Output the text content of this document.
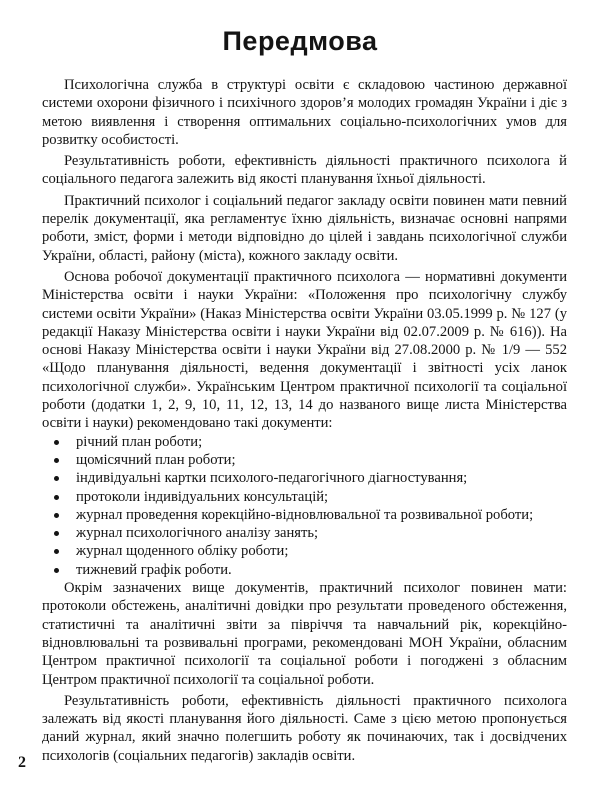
Передмова

Психологічна служба в структурі освіти є складовою частиною державної системи охорони фізичного і психічного здоров’я молодих громадян України і діє з метою виявлення і створення оптимальних соціально-психологічних умов для розвитку особистості.

Результативність роботи, ефективність діяльності практичного психолога й соціального педагога залежить від якості планування їхньої діяльності.

Практичний психолог і соціальний педагог закладу освіти повинен мати певний перелік документації, яка регламентує їхню діяльність, визначає основні напрями роботи, зміст, форми і методи відповідно до цілей і завдань психологічної служби України, області, району (міста), кожного закладу освіти.

Основа робочої документації практичного психолога — нормативні документи Міністерства освіти і науки України: «Положення про психологічну службу системи освіти України» (Наказ Міністерства освіти України 03.05.1999 р. № 127 (у редакції Наказу Міністерства освіти і науки України від 02.07.2009 р. № 616)). На основі Наказу Міністерства освіти і науки України від 27.08.2000 р. № 1/9 — 552 «Щодо планування діяльності, ведення документації і звітності усіх ланок психологічної служби». Українським Центром практичної психології та соціальної роботи (додатки 1, 2, 9, 10, 11, 12, 13, 14 до названого вище листа Міністерства освіти і науки) рекомендовано такі документи:

річний план роботи;
щомісячний план роботи;
індивідуальні картки психолого-педагогічного діагностування;
протоколи індивідуальних консультацій;
журнал проведення корекційно-відновлювальної та розвивальної роботи;
журнал психологічного аналізу занять;
журнал щоденного обліку роботи;
тижневий графік роботи.

Окрім зазначених вище документів, практичний психолог повинен мати: протоколи обстежень, аналітичні довідки про результати проведеного обстеження, статистичні та аналітичні звіти за півріччя та навчальний рік, корекційно-відновлювальні та розвивальні програми, рекомендовані МОН України, обласним Центром практичної психології та соціальної роботи і погоджені з обласним Центром практичної психології та соціальної роботи.

Результативність роботи, ефективність діяльності практичного психолога залежать від якості планування його діяльності. Саме з цією метою пропонується даний журнал, який значно полегшить роботу як починаючих, так і досвідчених психологів (соціальних педагогів) закладів освіти.

2
